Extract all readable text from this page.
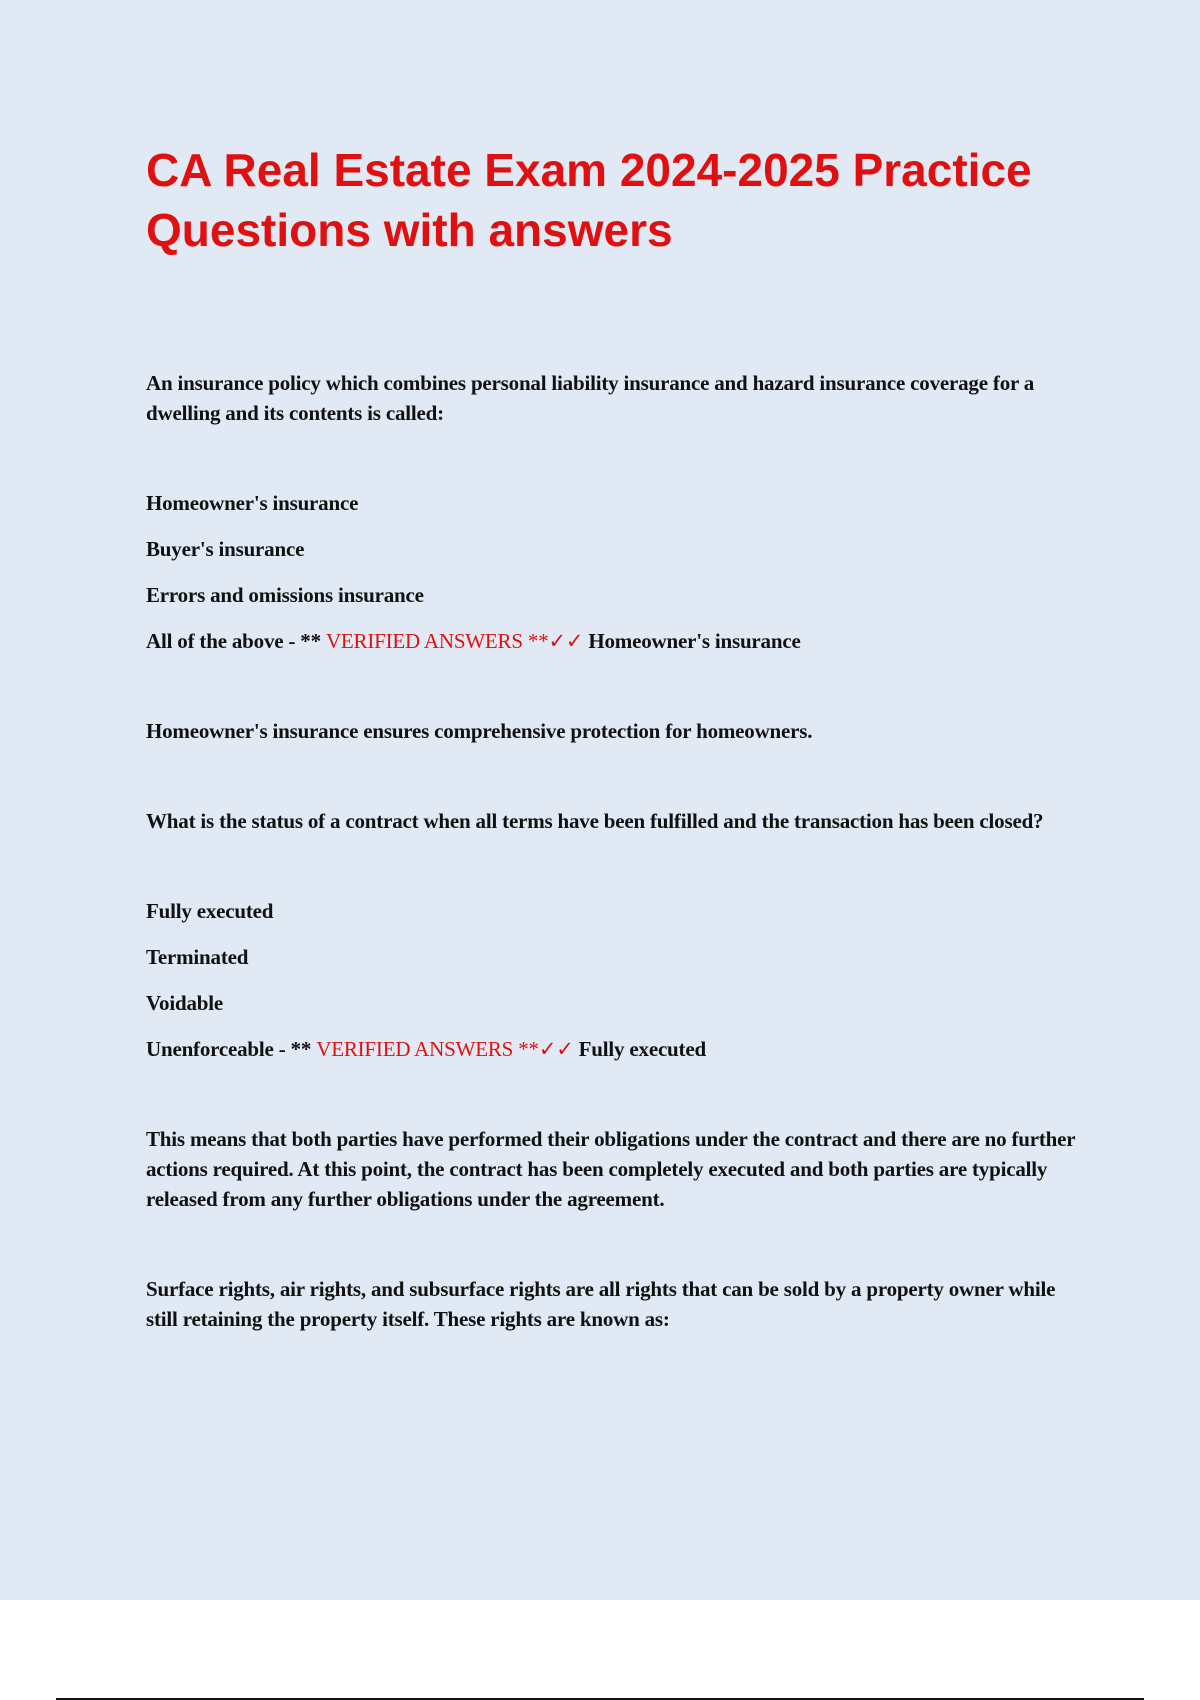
CA Real Estate Exam 2024-2025 Practice Questions with answers

An insurance policy which combines personal liability insurance and hazard insurance coverage for a dwelling and its contents is called:

Homeowner's insurance

Buyer's insurance

Errors and omissions insurance

All of the above - ** VERIFIED ANSWERS **✓✓ Homeowner's insurance

Homeowner's insurance ensures comprehensive protection for homeowners.

What is the status of a contract when all terms have been fulfilled and the transaction has been closed?

Fully executed

Terminated

Voidable

Unenforceable - ** VERIFIED ANSWERS **✓✓ Fully executed

This means that both parties have performed their obligations under the contract and there are no further actions required. At this point, the contract has been completely executed and both parties are typically released from any further obligations under the agreement.

Surface rights, air rights, and subsurface rights are all rights that can be sold by a property owner while still retaining the property itself. These rights are known as:
